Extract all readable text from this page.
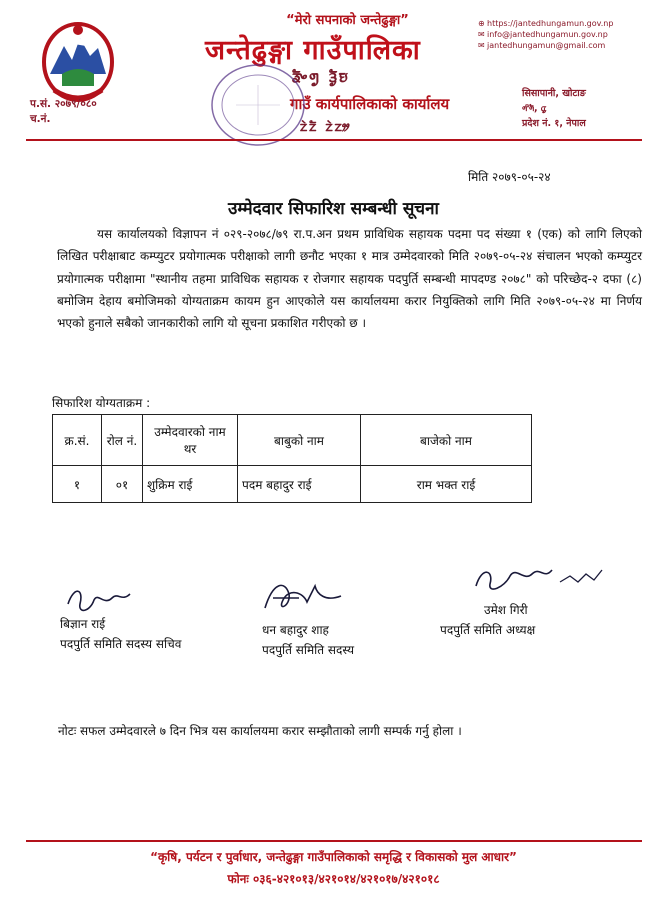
“मेरो सपनाको जन्तेढुङ्गा”
जन्तेढुङ्गा गाउँपालिका
ᤕᤠᤴᤛᤢ ᤋᤠᤢᤎ
गाउँ कार्यपालिकाको कार्यालय
ᤁᤧᤁᤠ ᤁᤧᤁᤤ
⊕ https://jantedhungamun.gov.np
✉ info@jantedhungamun.gov.np
✉ jantedhungamun@gmail.com
सिसापानी, खोटाङ
ᤛᤡᤛᤠ, ᤂᤢ
प्रदेश नं. १, नेपाल
प.सं. २०७९/०८०
च.नं.
मिति २०७९-०५-२४
उम्मेदवार सिफारिश सम्बन्धी सूचना

यस कार्यालयको विज्ञापन नं ०२९-२०७८/७९ रा.प.अन प्रथम प्राविधिक सहायक पदमा पद संख्या १ (एक) को लागि लिएको लिखित परीक्षाबाट कम्प्युटर प्रयोगात्मक परीक्षाको लागी छनौट भएका १ मात्र उम्मेदवारको मिति २०७९-०५-२४ संचालन भएको कम्प्युटर प्रयोगात्मक परीक्षामा "स्थानीय तहमा प्राविधिक सहायक र रोजगार सहायक पदपुर्ति सम्बन्धी मापदण्ड २०७८" को परिच्छेद-२ दफा (८) बमोजिम देहाय बमोजिमको योग्यताक्रम कायम हुन आएकोले यस कार्यालयमा करार नियुक्तिको लागि मिति २०७९-०५-२४ मा निर्णय भएको हुनाले सबैको जानकारीको लागि यो सूचना प्रकाशित गरीएको छ ।

सिफारिश योग्यताक्रम :
क्र.सं.	रोल नं.	उम्मेदवारको नाम थर	बाबुको नाम	बाजेको नाम
१	०१	शुक्रिम राई	पदम बहादुर राई	राम भक्त राई
बिज्ञान राई
पदपुर्ति समिति सदस्य सचिव
धन बहादुर शाह
पदपुर्ति समिति सदस्य
उमेश गिरी
पदपुर्ति समिति अध्यक्ष
नोटः सफल उम्मेदवारले ७ दिन भित्र यस कार्यालयमा करार सम्झौताको लागी सम्पर्क गर्नु होला ।
“कृषि, पर्यटन र पुर्वाधार, जन्तेढुङ्गा गाउँपालिकाको समृद्धि र विकासको मुल आधार”
फोनः ०३६-४२१०१३/४२१०१४/४२१०१७/४२१०१८
